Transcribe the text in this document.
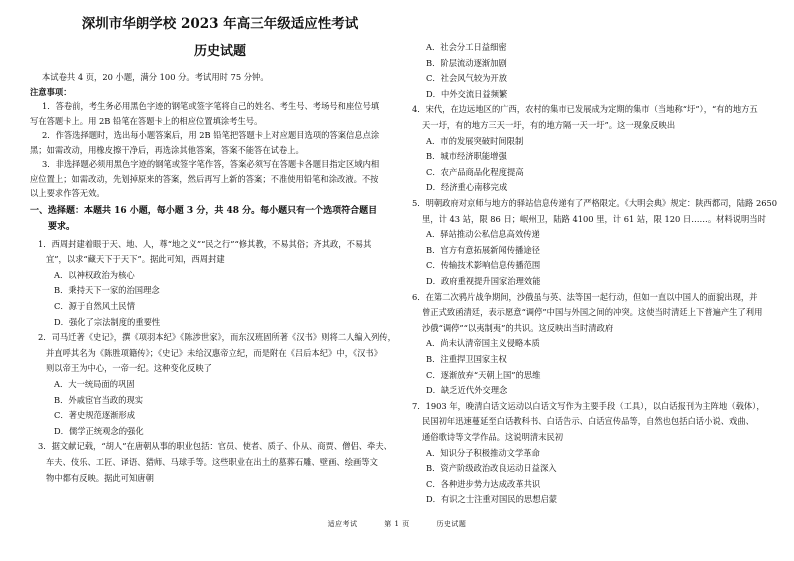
深圳市华朗学校 2023 年高三年级适应性考试
历史试题
本试卷共 4 页，20 小题，满分 100 分。考试用时 75 分钟。
注意事项：
1．答卷前，考生务必用黑色字迹的钢笔或签字笔将自己的姓名、考生号、考场号和座位号填
写在答题卡上。用 2B 铅笔在答题卡上的相应位置填涂考生号。
2．作答选择题时，选出每小题答案后，用 2B 铅笔把答题卡上对应题目选项的答案信息点涂
黑；如需改动，用橡皮擦干净后，再选涂其他答案，答案不能答在试卷上。
3．非选择题必须用黑色字迹的钢笔或签字笔作答，答案必须写在答题卡各题目指定区域内相
应位置上；如需改动，先划掉原来的答案，然后再写上新的答案；不准使用铅笔和涂改液。不按
以上要求作答无效。
一、选择题：本题共 16 小题，每小题 3 分，共 48 分。每小题只有一个选项符合题目
要求。
1．西周封建着眼于天、地、人，尊“地之义”“民之行”“修其教，不易其俗；齐其政，不易其
宜”，以求“藏天下于天下”。据此可知，西周封建
A．以神权政治为核心
B．秉持天下一家的治国理念
C．源于自然风土民情
D．强化了宗法制度的重要性
2．司马迁著《史记》，撰《项羽本纪》《陈涉世家》，而东汉班固所著《汉书》则将二人编入列传，
并直呼其名为《陈胜项籍传》；《史记》未给汉惠帝立纪，而是附在《吕后本纪》中，《汉书》
则以帝王为中心，一帝一纪。这种变化反映了
A．大一统局面的巩固
B．外戚宦官当政的现实
C．著史规范逐渐形成
D．儒学正统观念的强化
3．据文献记载，“胡人”在唐朝从事的职业包括：官员、使者、质子、仆从、商贾、僧侣、牵夫、
车夫、伎乐、工匠、译语、猎师、马球手等。这些职业在出土的墓葬石雕、壁画、绘画等文
物中都有反映。据此可知唐朝
A．社会分工日益细密
B．阶层流动逐渐加剧
C．社会风气较为开放
D．中外交流日益频繁
4．宋代，在边远地区的广西，农村的集市已发展成为定期的集市（当地称“圩”），“有的地方五
天一圩，有的地方三天一圩，有的地方隔一天一圩”。这一现象反映出
A．市的发展突破时间限制
B．城市经济职能增强
C．农产品商品化程度提高
D．经济重心南移完成
5．明朝政府对京师与地方的驿站信息传递有了严格限定。《大明会典》规定：陕西都司，陆路 2650
里，计 43 站，限 86 日；岷州卫，陆路 4100 里，计 61 站，限 120 日……。材料说明当时
A．驿站推动公私信息高效传递
B．官方有意拓展新闻传播途径
C．传输技术影响信息传播范围
D．政府重视提升国家治理效能
6．在第二次鸦片战争期间，沙俄虽与英、法等国一起行动，但如一直以中国人的面貌出现，并
曾正式致函清廷，表示愿意“调停”中国与外国之间的冲突。这使当时清廷上下普遍产生了利用
沙俄“调停”“以夷制夷”的共识。这反映出当时清政府
A．尚未认清帝国主义侵略本质
B．注重捍卫国家主权
C．逐渐放弃“天朝上国”的思维
D．缺乏近代外交理念
7．1903 年，晚清白话文运动以白话文写作为主要手段（工具），以白话报刊为主阵地（载体），
民国初年迅速蔓延至白话教科书、白话告示、白话宣传品等，自然也包括白话小说、戏曲、
通俗歌诗等文学作品。这说明清末民初
A．知识分子积极推动文学革命
B．资产阶级政治改良运动日益深入
C．各种进步势力达成改革共识
D．有识之士注重对国民的思想启蒙
适应考试	第 1 页	历史试题
